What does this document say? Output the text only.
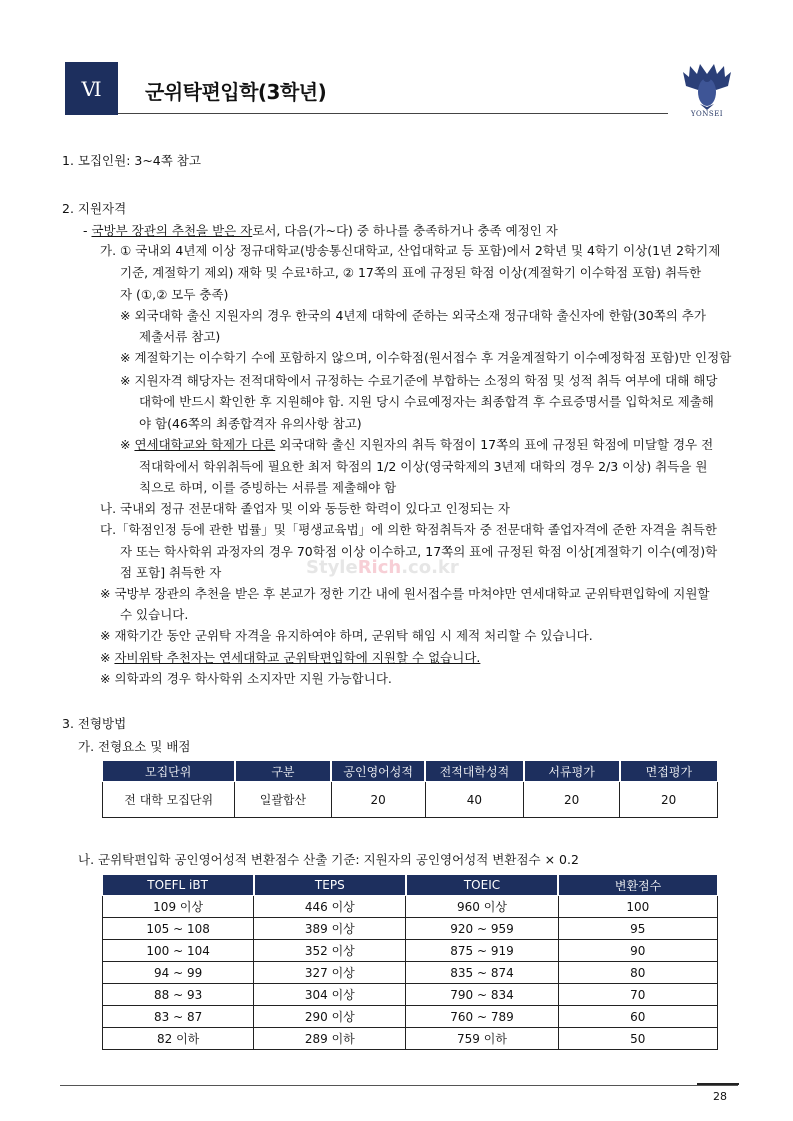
Ⅵ 군위탁편입학(3학년)
YONSEI
1. 모집인원: 3~4쪽 참고
2. 지원자격
- 국방부 장관의 추천을 받은 자로서, 다음(가~다) 중 하나를 충족하거나 충족 예정인 자
가. ① 국내외 4년제 이상 정규대학교(방송통신대학교, 산업대학교 등 포함)에서 2학년 및 4학기 이상(1년 2학기제
기준, 계절학기 제외) 재학 및 수료¹하고, ② 17쪽의 표에 규정된 학점 이상(계절학기 이수학점 포함) 취득한
자 (①,② 모두 충족)
※ 외국대학 출신 지원자의 경우 한국의 4년제 대학에 준하는 외국소재 정규대학 출신자에 한함(30쪽의 추가
제출서류 참고)
※ 계절학기는 이수학기 수에 포함하지 않으며, 이수학점(원서접수 후 겨울계절학기 이수예정학점 포함)만 인정함
※ 지원자격 해당자는 전적대학에서 규정하는 수료기준에 부합하는 소정의 학점 및 성적 취득 여부에 대해 해당
대학에 반드시 확인한 후 지원해야 함. 지원 당시 수료예정자는 최종합격 후 수료증명서를 입학처로 제출해
야 함(46쪽의 최종합격자 유의사항 참고)
※ 연세대학교와 학제가 다른 외국대학 출신 지원자의 취득 학점이 17쪽의 표에 규정된 학점에 미달할 경우 전
적대학에서 학위취득에 필요한 최저 학점의 1/2 이상(영국학제의 3년제 대학의 경우 2/3 이상) 취득을 원
칙으로 하며, 이를 증빙하는 서류를 제출해야 함
나. 국내외 정규 전문대학 졸업자 및 이와 동등한 학력이 있다고 인정되는 자
다.「학점인정 등에 관한 법률」및「평생교육법」에 의한 학점취득자 중 전문대학 졸업자격에 준한 자격을 취득한
자 또는 학사학위 과정자의 경우 70학점 이상 이수하고, 17쪽의 표에 규정된 학점 이상[계절학기 이수(예정)학
StyleRich.co.kr
점 포함] 취득한 자
※ 국방부 장관의 추천을 받은 후 본교가 정한 기간 내에 원서접수를 마쳐야만 연세대학교 군위탁편입학에 지원할
수 있습니다.
※ 재학기간 동안 군위탁 자격을 유지하여야 하며, 군위탁 해임 시 제적 처리할 수 있습니다.
※ 자비위탁 추천자는 연세대학교 군위탁편입학에 지원할 수 없습니다.
※ 의학과의 경우 학사학위 소지자만 지원 가능합니다.
3. 전형방법
가. 전형요소 및 배점
모집단위	구분	공인영어성적	전적대학성적	서류평가	면접평가
전 대학 모집단위	일괄합산	20	40	20	20
나. 군위탁편입학 공인영어성적 변환점수 산출 기준: 지원자의 공인영어성적 변환점수 × 0.2
TOEFL iBT	TEPS	TOEIC	변환점수
109 이상	446 이상	960 이상	100
105 ~ 108	389 이상	920 ~ 959	95
100 ~ 104	352 이상	875 ~ 919	90
94 ~ 99	327 이상	835 ~ 874	80
88 ~ 93	304 이상	790 ~ 834	70
83 ~ 87	290 이상	760 ~ 789	60
82 이하	289 이하	759 이하	50
28
